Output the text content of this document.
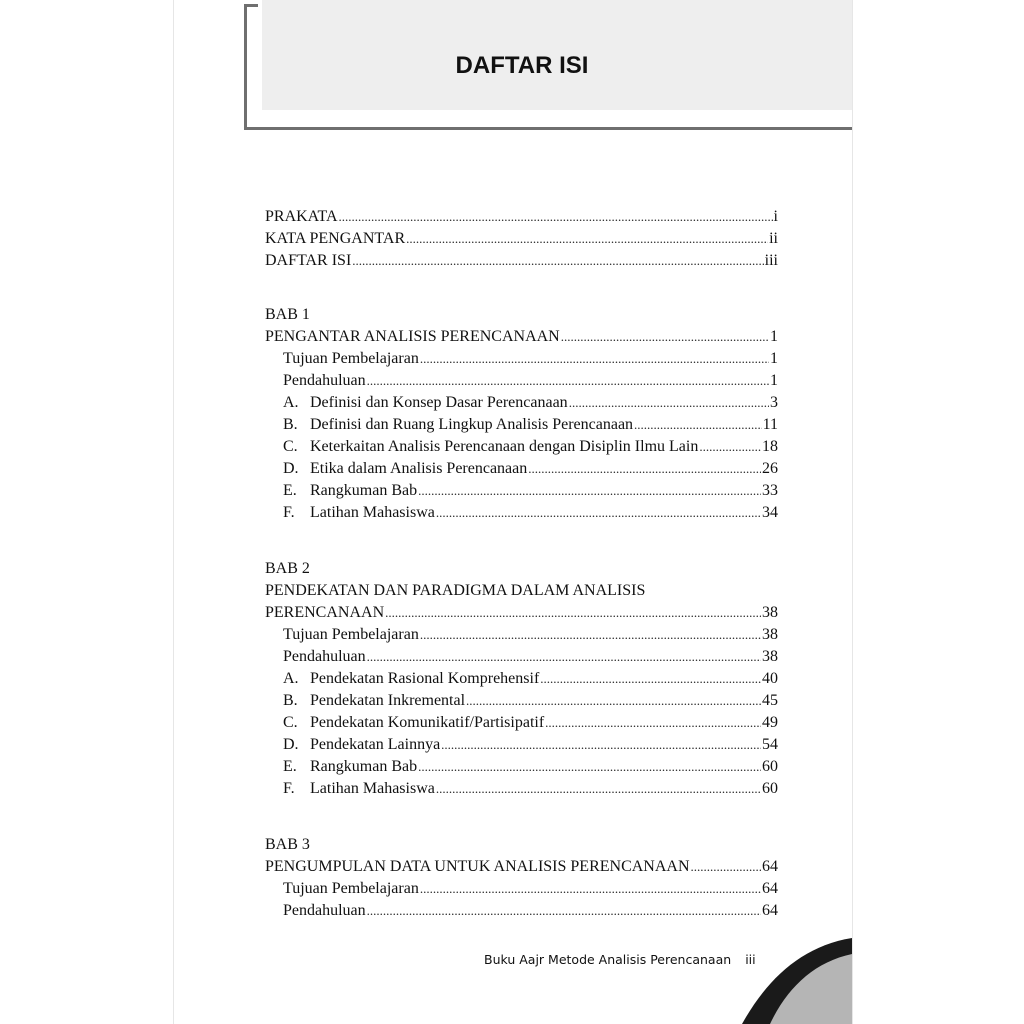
DAFTAR ISI
PRAKATA .....	i
KATA PENGANTAR .....	ii
DAFTAR ISI .....	iii
BAB 1
PENGANTAR ANALISIS PERENCANAAN .....	1
Tujuan Pembelajaran .....	1
Pendahuluan .....	1
A. Definisi dan Konsep Dasar Perencanaan .....	3
B. Definisi dan Ruang Lingkup Analisis Perencanaan .....	11
C. Keterkaitan Analisis Perencanaan dengan Disiplin Ilmu Lain .....	18
D. Etika dalam Analisis Perencanaan .....	26
E. Rangkuman Bab .....	33
F. Latihan Mahasiswa .....	34
BAB 2
PENDEKATAN DAN PARADIGMA DALAM ANALISIS
PERENCANAAN .....	38
Tujuan Pembelajaran .....	38
Pendahuluan .....	38
A. Pendekatan Rasional Komprehensif .....	40
B. Pendekatan Inkremental .....	45
C. Pendekatan Komunikatif/Partisipatif .....	49
D. Pendekatan Lainnya .....	54
E. Rangkuman Bab .....	60
F. Latihan Mahasiswa .....	60
BAB 3
PENGUMPULAN DATA UNTUK ANALISIS PERENCANAAN .....	64
Tujuan Pembelajaran .....	64
Pendahuluan .....	64
Buku Aajr Metode Analisis Perencanaan iii
